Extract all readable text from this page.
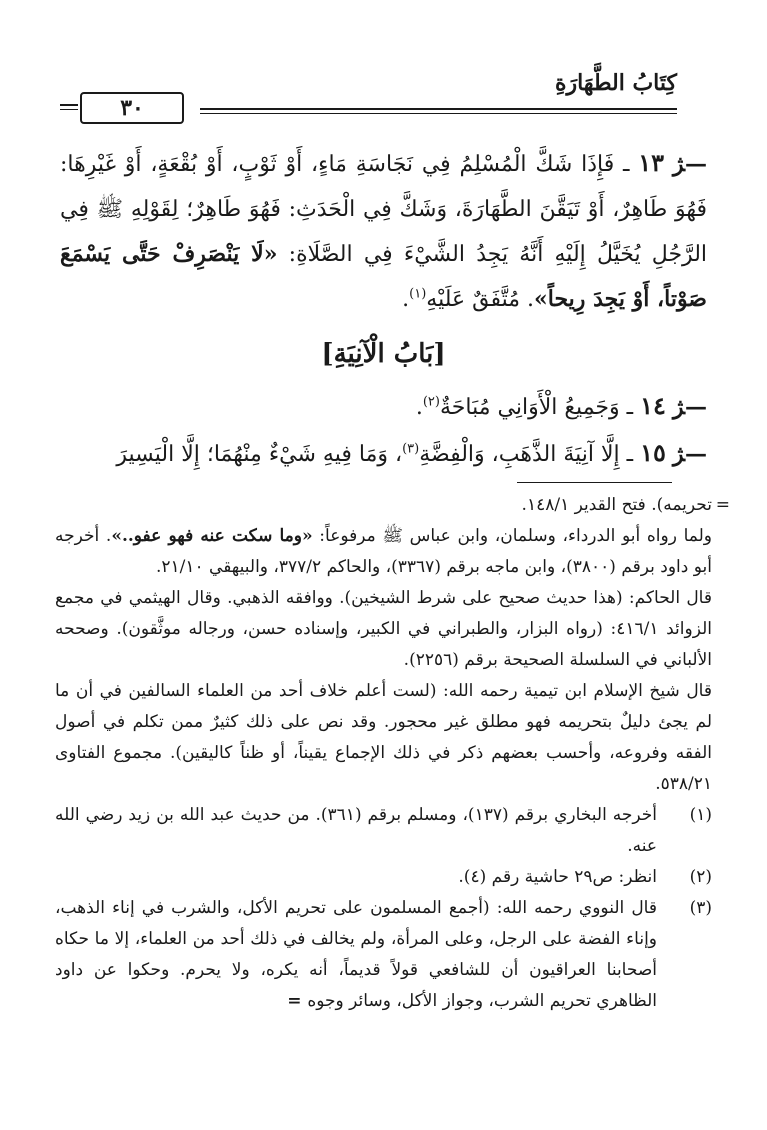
كِتَابُ الطَّهَارَةِ
٣٠

—ﮋ ١٣ ـ فَإِذَا شَكَّ الْمُسْلِمُ فِي نَجَاسَةِ مَاءٍ، أَوْ ثَوْبٍ، أَوْ بُقْعَةٍ، أَوْ غَيْرِهَا: فَهُوَ طَاهِرٌ، أَوْ تَيَقَّنَ الطَّهَارَةَ، وَشَكَّ فِي الْحَدَثِ: فَهُوَ طَاهِرٌ؛ لِقَوْلِهِ ﷺ فِي الرَّجُلِ يُخَيَّلُ إِلَيْهِ أَنَّهُ يَجِدُ الشَّيْءَ فِي الصَّلَاةِ: «لَا يَنْصَرِفْ حَتَّى يَسْمَعَ صَوْتاً، أَوْ يَجِدَ رِيحاً». مُتَّفَقٌ عَلَيْهِ$^{(١)}$.

[بَابُ الْآنِيَةِ]

—ﮋ ١٤ ـ وَجَمِيعُ الْأَوَانِي مُبَاحَةٌ$^{(٢)}$.

—ﮋ ١٥ ـ إِلَّا آنِيَةَ الذَّهَبِ، وَالْفِضَّةِ$^{(٣)}$، وَمَا فِيهِ شَيْءٌ مِنْهُمَا؛ إِلَّا الْيَسِيرَ

=
تحريمه). فتح القدير ١٤٨/١.

ولما رواه أبو الدرداء، وسلمان، وابن عباس ﷺ مرفوعاً: «وما سكت عنه فهو عفو..». أخرجه أبو داود برقم (٣٨٠٠)، وابن ماجه برقم (٣٣٦٧)، والحاكم ٣٧٧/٢، والبيهقي ٢١/١٠.

قال الحاكم: (هذا حديث صحيح على شرط الشيخين). ووافقه الذهبي. وقال الهيثمي في مجمع الزوائد ٤١٦/١: (رواه البزار، والطبراني في الكبير، وإسناده حسن، ورجاله موثَّقون). وصححه الألباني في السلسلة الصحيحة برقم (٢٢٥٦).

قال شيخ الإسلام ابن تيمية رحمه الله: (لست أعلم خلاف أحد من العلماء السالفين في أن ما لم يجئ دليلٌ بتحريمه فهو مطلق غير محجور. وقد نص على ذلك كثيرٌ ممن تكلم في أصول الفقه وفروعه، وأحسب بعضهم ذكر في ذلك الإجماع يقيناً، أو ظناً كاليقين). مجموع الفتاوى ٥٣٨/٢١.

(١)
أخرجه البخاري برقم (١٣٧)، ومسلم برقم (٣٦١). من حديث عبد الله بن زيد رضي الله عنه.
(٢)
انظر: ص٢٩ حاشية رقم (٤).
(٣)
قال النووي رحمه الله: (أجمع المسلمون على تحريم الأكل، والشرب في إناء الذهب، وإناء الفضة على الرجل، وعلى المرأة، ولم يخالف في ذلك أحد من العلماء، إلا ما حكاه أصحابنا العراقيون أن للشافعي قولاً قديماً، أنه يكره، ولا يحرم. وحكوا عن داود الظاهري تحريم الشرب، وجواز الأكل، وسائر وجوه =
